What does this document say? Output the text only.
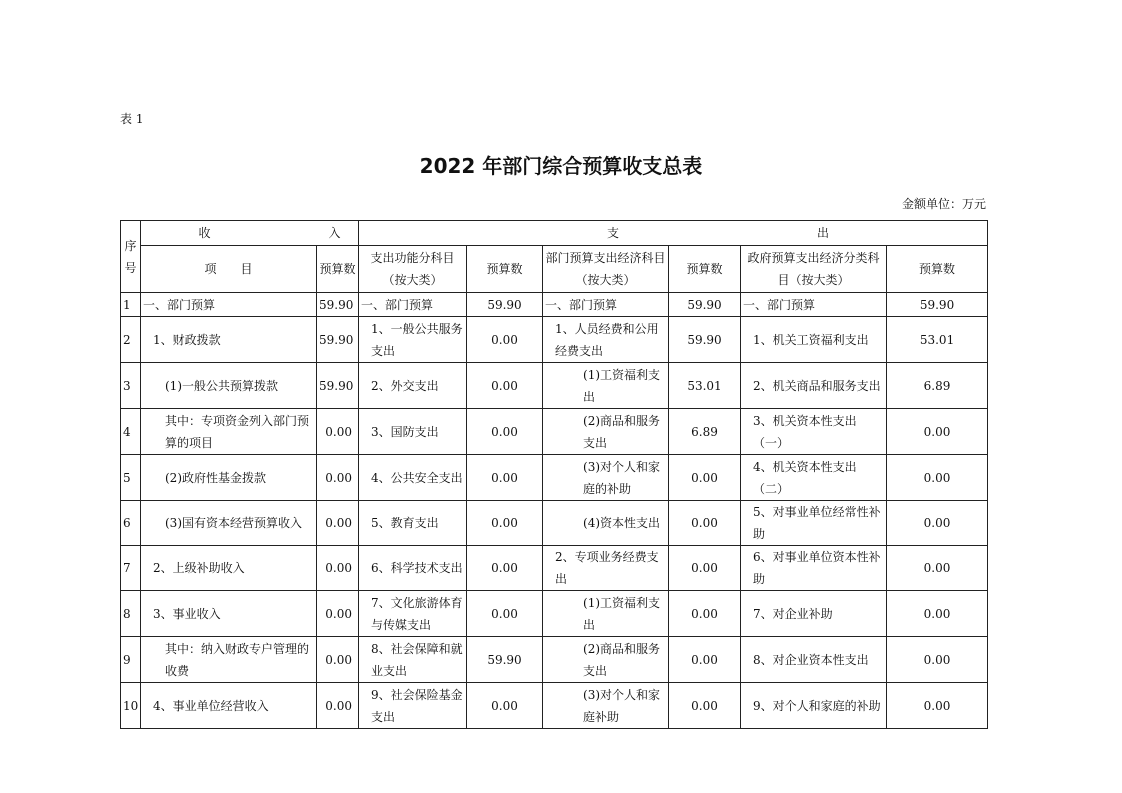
表 1
2022 年部门综合预算收支总表
金额单位：万元
序号	收 入		支 出					
	项　　目	预算数	支出功能分科目（按大类）	预算数	部门预算支出经济科目（按大类）	预算数	政府预算支出经济分类科目（按大类）	预算数
1	一、部门预算	59.90	一、部门预算	59.90	一、部门预算	59.90	一、部门预算	59.90
2	1、财政拨款	59.90	1、一般公共服务支出	0.00	1、人员经费和公用经费支出	59.90	1、机关工资福利支出	53.01
3	(1)一般公共预算拨款	59.90	2、外交支出	0.00	(1)工资福利支出	53.01	2、机关商品和服务支出	6.89
4	其中：专项资金列入部门预算的项目	0.00	3、国防支出	0.00	(2)商品和服务支出	6.89	3、机关资本性支出（一）	0.00
5	(2)政府性基金拨款	0.00	4、公共安全支出	0.00	(3)对个人和家庭的补助	0.00	4、机关资本性支出（二）	0.00
6	(3)国有资本经营预算收入	0.00	5、教育支出	0.00	(4)资本性支出	0.00	5、对事业单位经常性补助	0.00
7	2、上级补助收入	0.00	6、科学技术支出	0.00	2、专项业务经费支出	0.00	6、对事业单位资本性补助	0.00
8	3、事业收入	0.00	7、文化旅游体育与传媒支出	0.00	(1)工资福利支出	0.00	7、对企业补助	0.00
9	其中：纳入财政专户管理的收费	0.00	8、社会保障和就业支出	59.90	(2)商品和服务支出	0.00	8、对企业资本性支出	0.00
10	4、事业单位经营收入	0.00	9、社会保险基金支出	0.00	(3)对个人和家庭补助	0.00	9、对个人和家庭的补助	0.00
